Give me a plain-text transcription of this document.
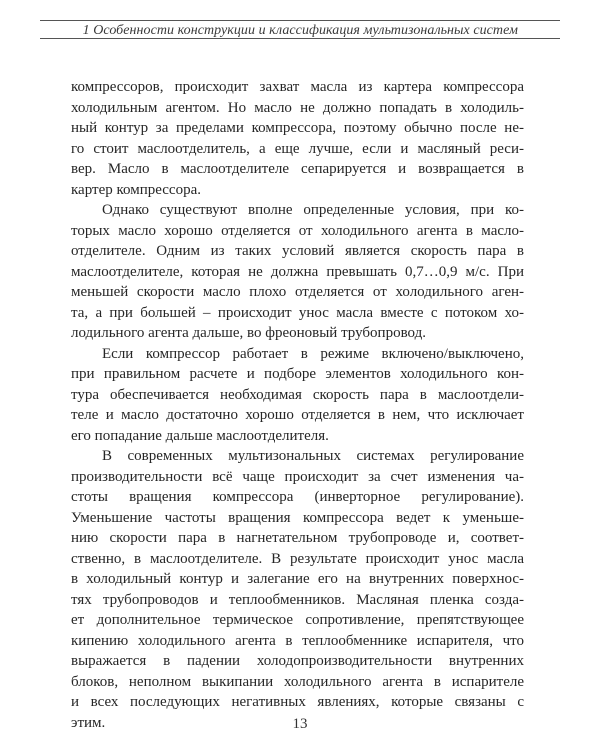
1 Особенности конструкции и классификация мультизональных систем

компрессоров, происходит захват масла из картера компрессора
холодильным агентом. Но масло не должно попадать в холодиль-
ный контур за пределами компрессора, поэтому обычно после не-
го стоит маслоотделитель, а еще лучше, если и масляный реси-
вер. Масло в маслоотделителе сепарируется и возвращается в
картер компрессора.

Однако существуют вполне определенные условия, при ко-
торых масло хорошо отделяется от холодильного агента в масло-
отделителе. Одним из таких условий является скорость пара в
маслоотделителе, которая не должна превышать 0,7…0,9 м/с. При
меньшей скорости масло плохо отделяется от холодильного аген-
та, а при большей – происходит унос масла вместе с потоком хо-
лодильного агента дальше, во фреоновый трубопровод.

Если компрессор работает в режиме включено/выключено,
при правильном расчете и подборе элементов холодильного кон-
тура обеспечивается необходимая скорость пара в маслоотдели-
теле и масло достаточно хорошо отделяется в нем, что исключает
его попадание дальше маслоотделителя.

В современных мультизональных системах регулирование
производительности всё чаще происходит за счет изменения ча-
стоты вращения компрессора (инверторное регулирование).
Уменьшение частоты вращения компрессора ведет к уменьше-
нию скорости пара в нагнетательном трубопроводе и, соответ-
ственно, в маслоотделителе. В результате происходит унос масла
в холодильный контур и залегание его на внутренних поверхнос-
тях трубопроводов и теплообменников. Масляная пленка созда-
ет дополнительное термическое сопротивление, препятствующее
кипению холодильного агента в теплообменнике испарителя, что
выражается в падении холодопроизводительности внутренних
блоков, неполном выкипании холодильного агента в испарителе
и всех последующих негативных явлениях, которые связаны с
этим.	13
